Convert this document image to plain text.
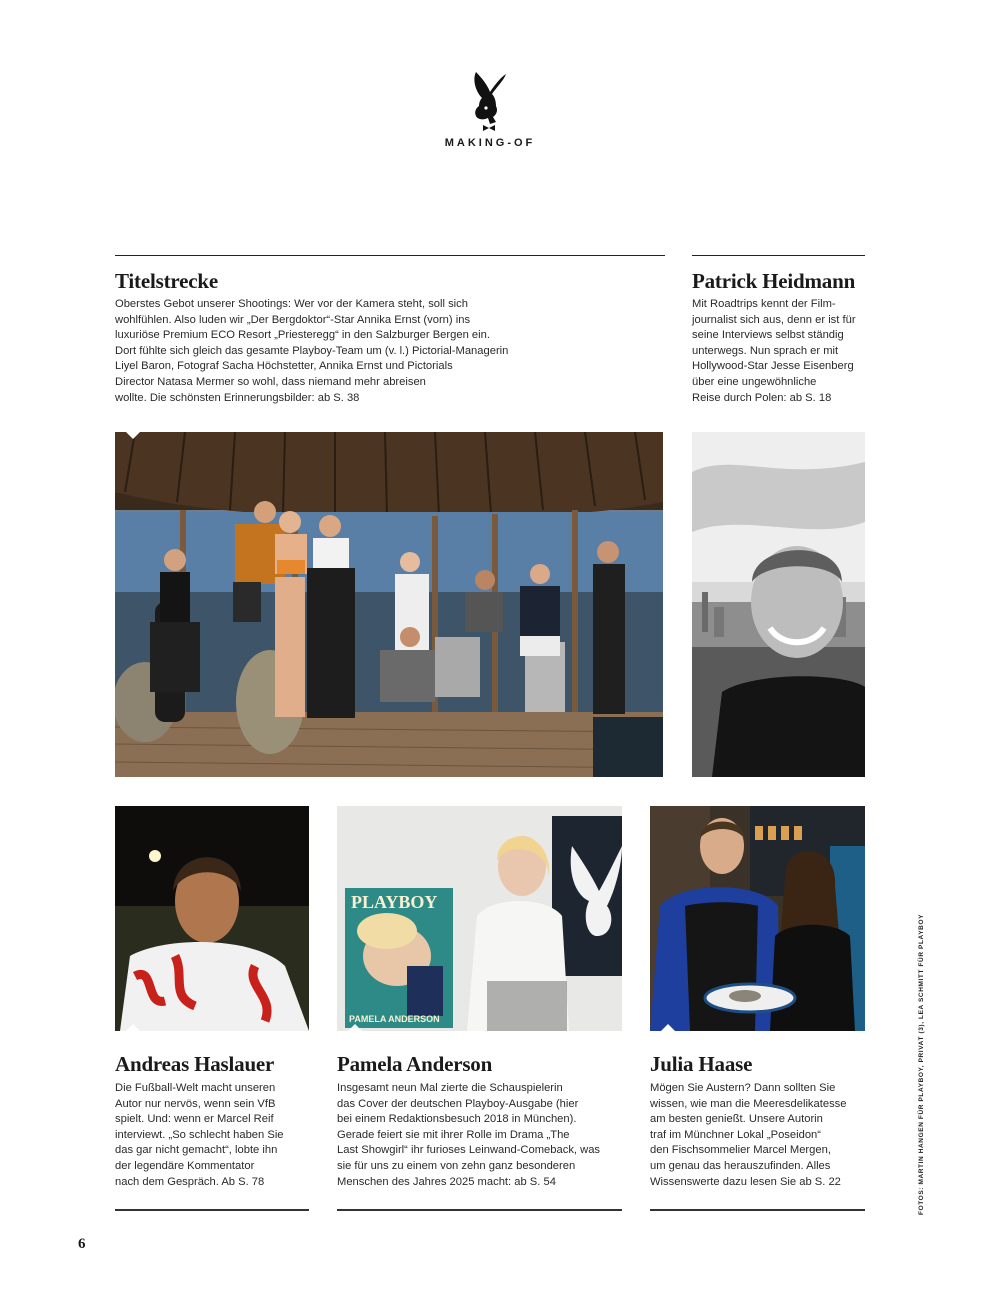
MAKING-OF
Titelstrecke
Oberstes Gebot unserer Shootings: Wer vor der Kamera steht, soll sich
wohlfühlen. Also luden wir „Der Bergdoktor“-Star Annika Ernst (vorn) ins
luxuriöse Premium ECO Resort „Priesteregg“ in den Salzburger Bergen ein.
Dort fühlte sich gleich das gesamte Playboy-Team um (v. l.) Pictorial-Managerin
Liyel Baron, Fotograf Sacha Höchstetter, Annika Ernst und Pictorials
Director Natasa Mermer so wohl, dass niemand mehr abreisen
wollte. Die schönsten Erinnerungsbilder: ab S. 38
Patrick Heidmann
Mit Roadtrips kennt der Film-
journalist sich aus, denn er ist für
seine Interviews selbst ständig
unterwegs. Nun sprach er mit
Hollywood-Star Jesse Eisenberg
über eine ungewöhnliche
Reise durch Polen: ab S. 18
PLAYBOY
PAMELA ANDERSON
Andreas Haslauer
Die Fußball-Welt macht unseren
Autor nur nervös, wenn sein VfB
spielt. Und: wenn er Marcel Reif
interviewt. „So schlecht haben Sie
das gar nicht gemacht“, lobte ihn
der legendäre Kommentator
nach dem Gespräch. Ab S. 78
Pamela Anderson
Insgesamt neun Mal zierte die Schauspielerin
das Cover der deutschen Playboy-Ausgabe (hier
bei einem Redaktionsbesuch 2018 in München).
Gerade feiert sie mit ihrer Rolle im Drama „The
Last Showgirl“ ihr furioses Leinwand-Comeback, was
sie für uns zu einem von zehn ganz besonderen
Menschen des Jahres 2025 macht: ab S. 54
Julia Haase
Mögen Sie Austern? Dann sollten Sie
wissen, wie man die Meeresdelikatesse
am besten genießt. Unsere Autorin
traf im Münchner Lokal „Poseidon“
den Fischsommelier Marcel Mergen,
um genau das herauszufinden. Alles
Wissenswerte dazu lesen Sie ab S. 22	FOTOS: MARTIN HANGEN FÜR PLAYBOY, PRIVAT (3), LEA SCHMITT FÜR PLAYBOY
6
